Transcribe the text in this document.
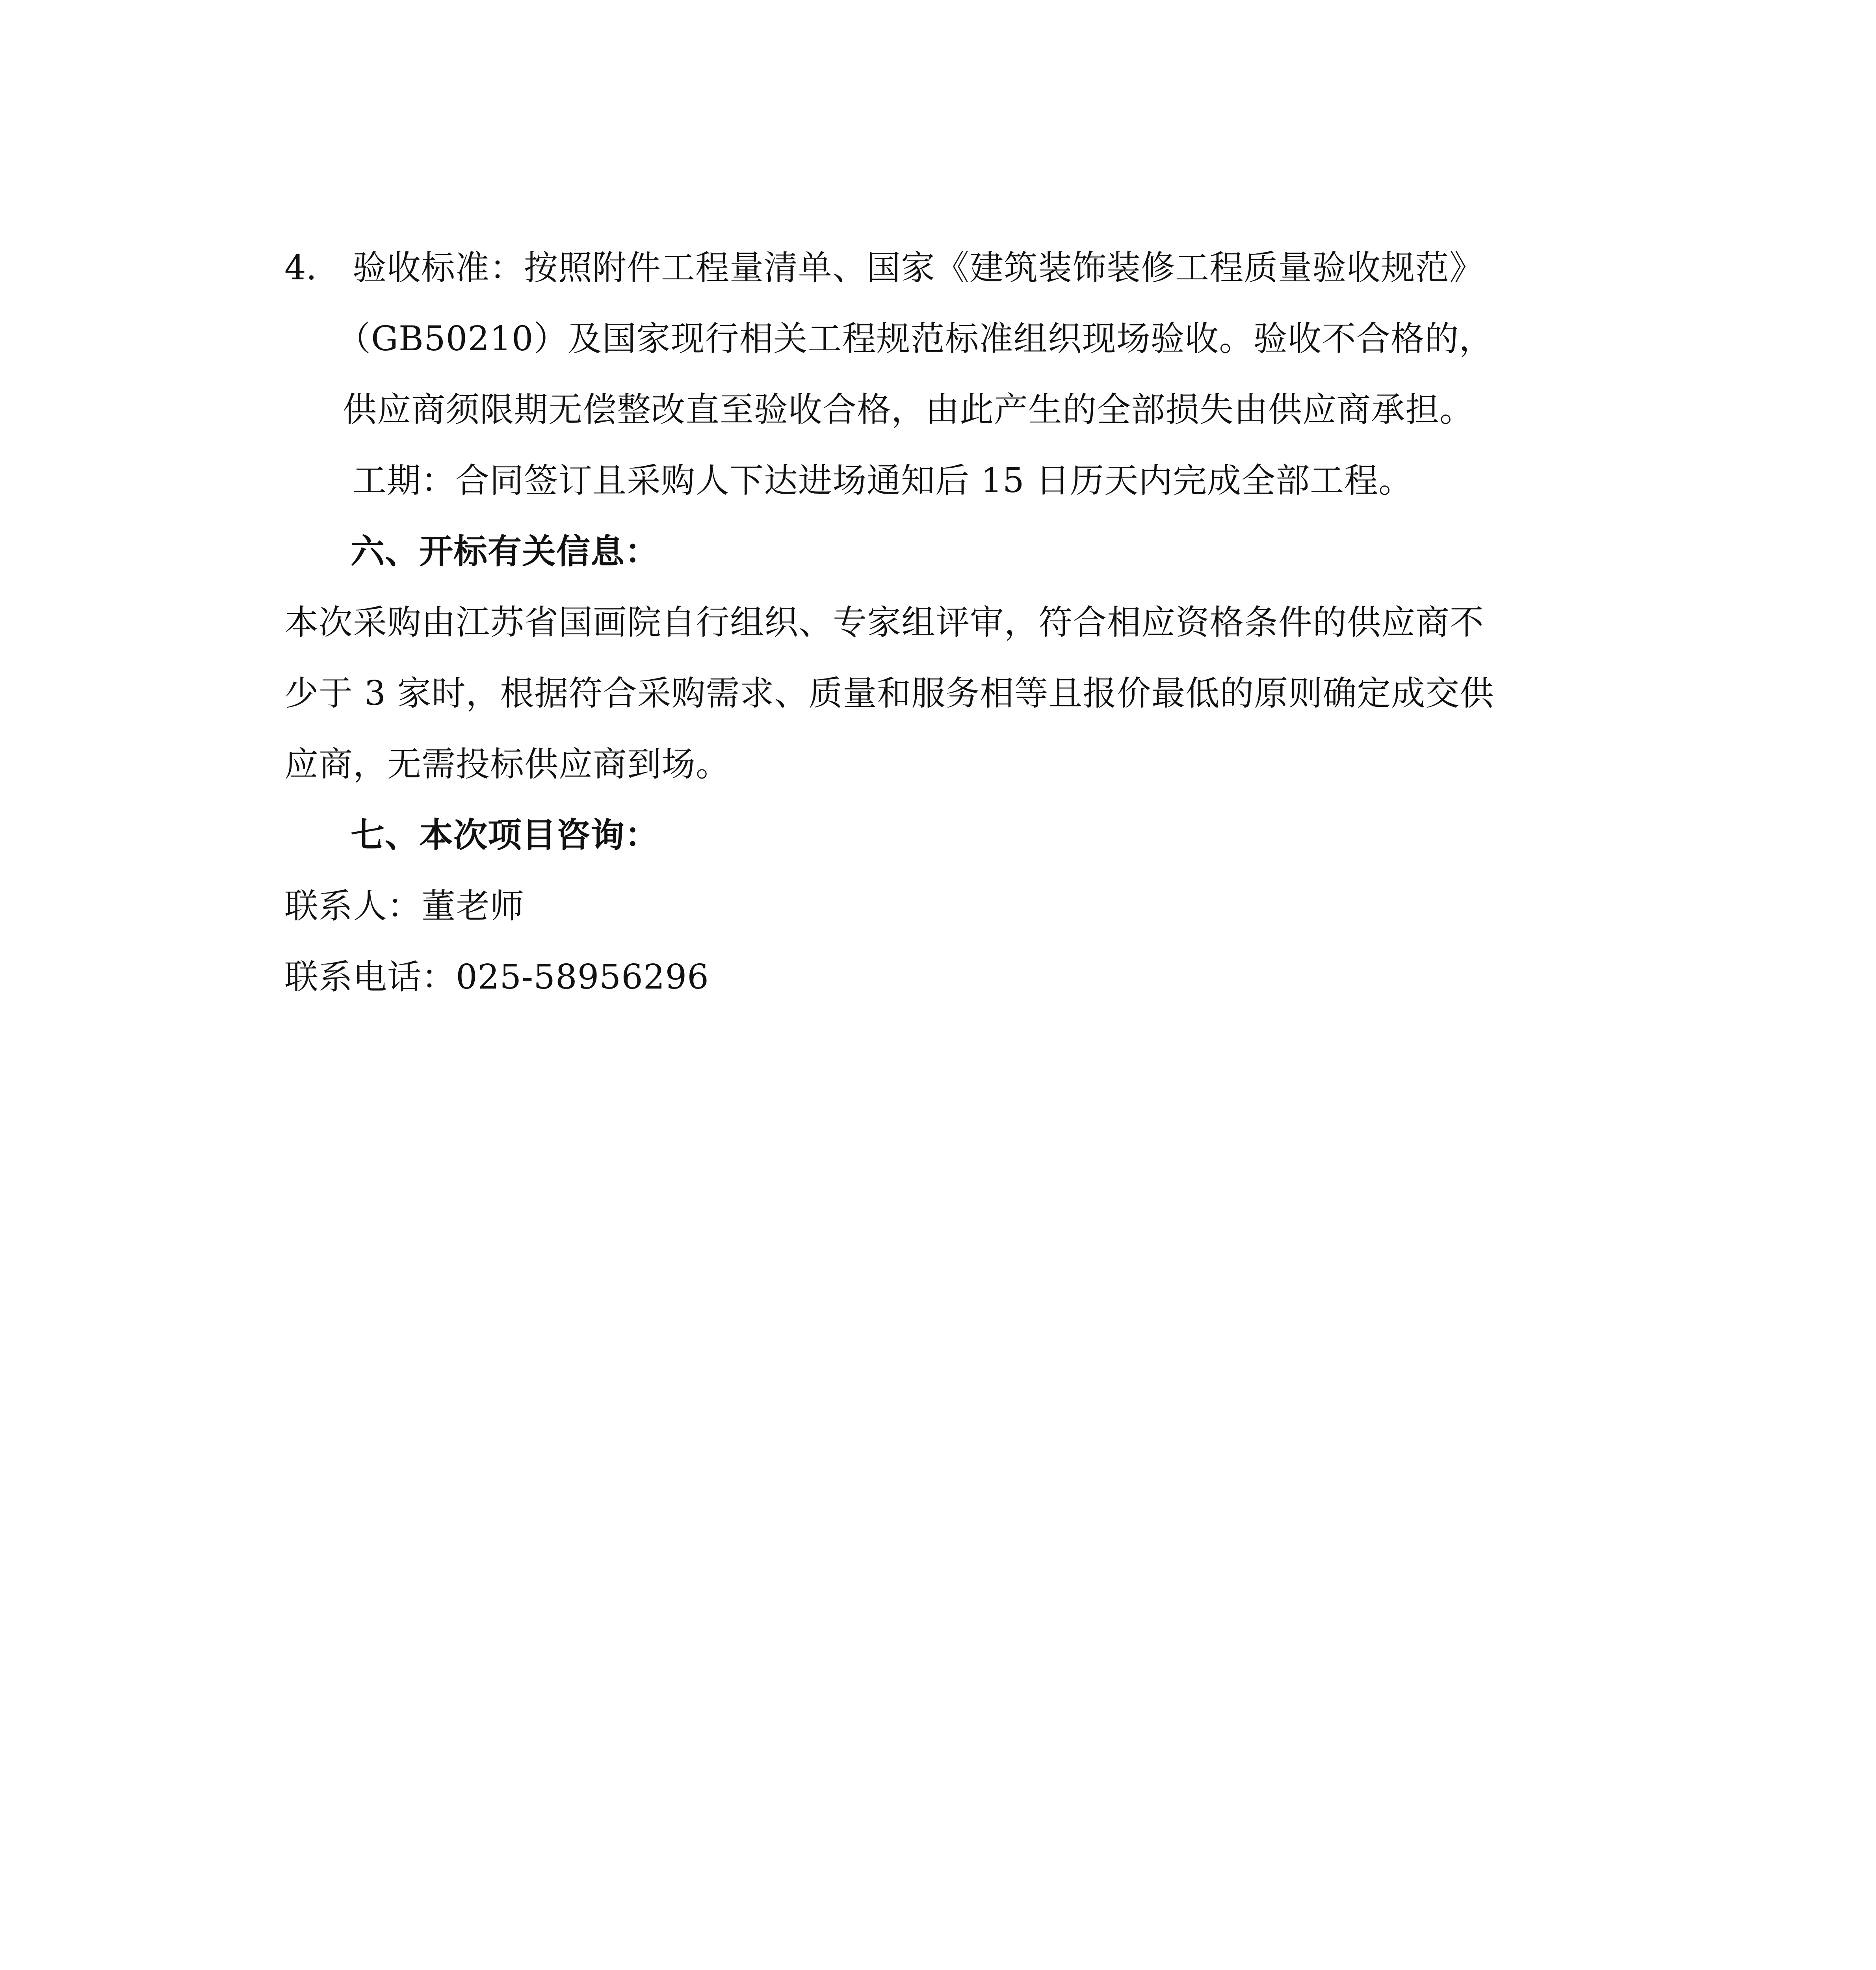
4. 验收标准：按照附件工程量清单、国家《建筑装饰装修工程质量验收规范》
（GB50210）及国家现行相关工程规范标准组织现场验收。验收不合格的，
供应商须限期无偿整改直至验收合格，由此产生的全部损失由供应商承担。
工期：合同签订且采购人下达进场通知后 15 日历天内完成全部工程。
六、开标有关信息：
本次采购由江苏省国画院自行组织、专家组评审，符合相应资格条件的供应商不
少于 3 家时，根据符合采购需求、质量和服务相等且报价最低的原则确定成交供
应商，无需投标供应商到场。
七、本次项目咨询：
联系人：董老师
联系电话：025-58956296
